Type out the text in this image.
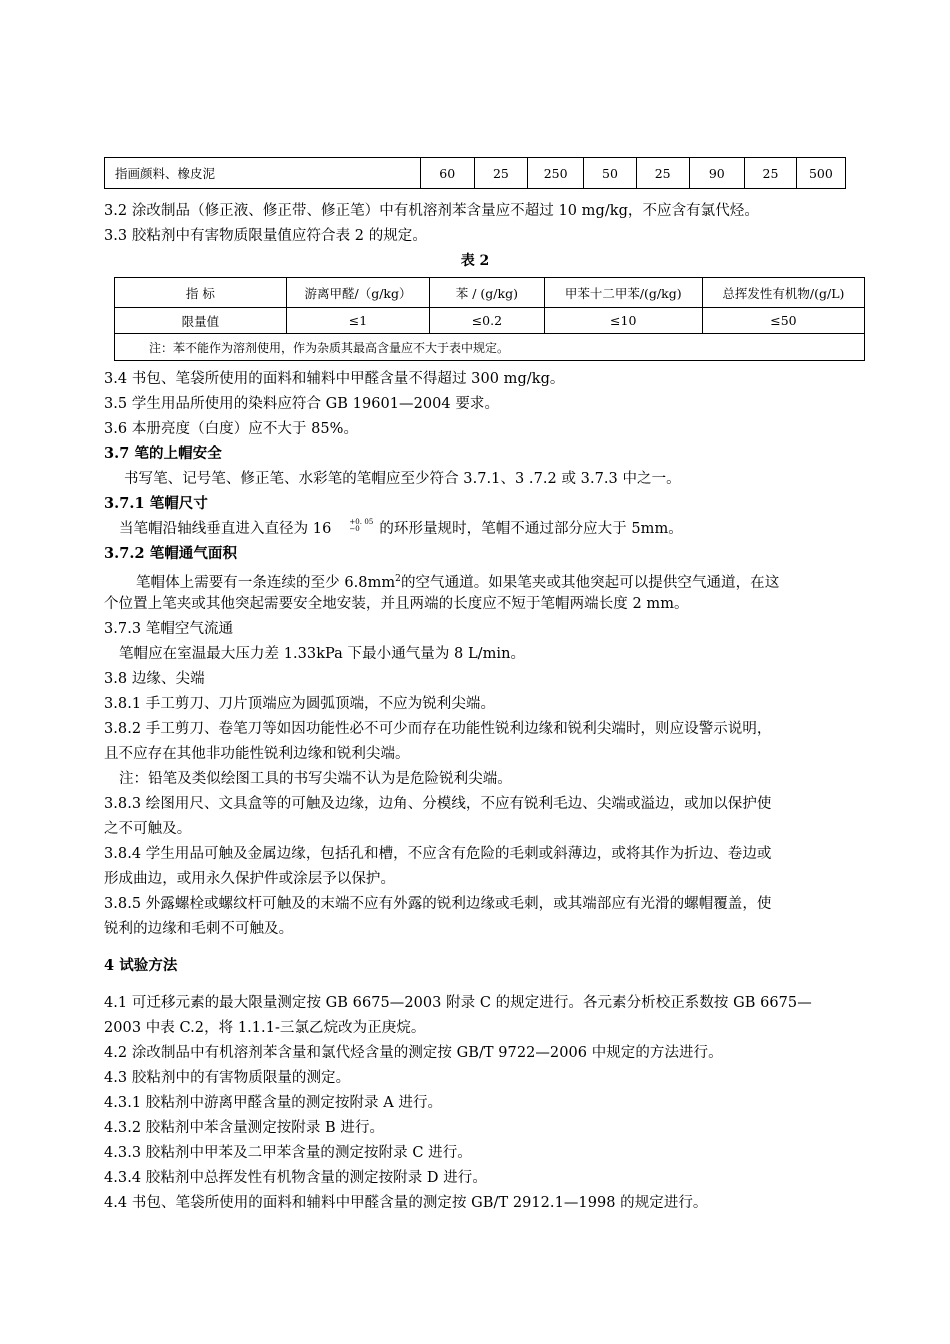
指画颜料、橡皮泥	60	25	250	50	25	90	25	500
3.2 涂改制品（修正液、修正带、修正笔）中有机溶剂苯含量应不超过 10 mg/kg，不应含有氯代烃。
3.3 胶粘剂中有害物质限量值应符合表 2 的规定。
表 2
指 标	游离甲醛/（g/kg）	苯 / (g/kg)	甲苯十二甲苯/(g/kg)	总挥发性有机物/(g/L)
限量值	≤1	≤0.2	≤10	≤50
注：苯不能作为溶剂使用，作为杂质其最高含量应不大于表中规定。				
3.4 书包、笔袋所使用的面料和辅料中甲醛含量不得超过 300 mg/kg。
3.5 学生用品所使用的染料应符合 GB 19601—2004 要求。
3.6 本册亮度（白度）应不大于 85%。
3.7 笔的上帽安全
书写笔、记号笔、修正笔、水彩笔的笔帽应至少符合 3.7.1、3 .7.2 或 3.7.3 中之一。
3.7.1 笔帽尺寸
当笔帽沿轴线垂直进入直径为 16	+0. 05
−0	的环形量规时，笔帽不通过部分应大于 5mm。
3.7.2 笔帽通气面积
笔帽体上需要有一条连续的至少 $6.8mm^2$的空气通道。如果笔夹或其他突起可以提供空气通道，在这
个位置上笔夹或其他突起需要安全地安装，并且两端的长度应不短于笔帽两端长度 2 mm。
3.7.3 笔帽空气流通
笔帽应在室温最大压力差 1.33kPa 下最小通气量为 8 L/min。
3.8 边缘、尖端
3.8.1 手工剪刀、刀片顶端应为圆弧顶端，不应为锐利尖端。
3.8.2 手工剪刀、卷笔刀等如因功能性必不可少而存在功能性锐利边缘和锐利尖端时，则应设警示说明，
且不应存在其他非功能性锐利边缘和锐利尖端。
注：铅笔及类似绘图工具的书写尖端不认为是危险锐利尖端。
3.8.3 绘图用尺、文具盒等的可触及边缘，边角、分模线，不应有锐利毛边、尖端或溢边，或加以保护使
之不可触及。
3.8.4 学生用品可触及金属边缘，包括孔和槽，不应含有危险的毛刺或斜薄边，或将其作为折边、卷边或
形成曲边，或用永久保护件或涂层予以保护。
3.8.5 外露螺栓或螺纹杆可触及的末端不应有外露的锐利边缘或毛刺，或其端部应有光滑的螺帽覆盖，使
锐利的边缘和毛刺不可触及。
4 试验方法
4.1 可迁移元素的最大限量测定按 GB 6675—2003 附录 C 的规定进行。各元素分析校正系数按 GB 6675—
2003 中表 C.2，将 1.1.1-三氯乙烷改为正庚烷。
4.2 涂改制品中有机溶剂苯含量和氯代烃含量的测定按 GB/T 9722—2006 中规定的方法进行。
4.3 胶粘剂中的有害物质限量的测定。
4.3.1 胶粘剂中游离甲醛含量的测定按附录 A 进行。
4.3.2 胶粘剂中苯含量测定按附录 B 进行。
4.3.3 胶粘剂中甲苯及二甲苯含量的测定按附录 C 进行。
4.3.4 胶粘剂中总挥发性有机物含量的测定按附录 D 进行。
4.4 书包、笔袋所使用的面料和辅料中甲醛含量的测定按 GB/T 2912.1—1998 的规定进行。
